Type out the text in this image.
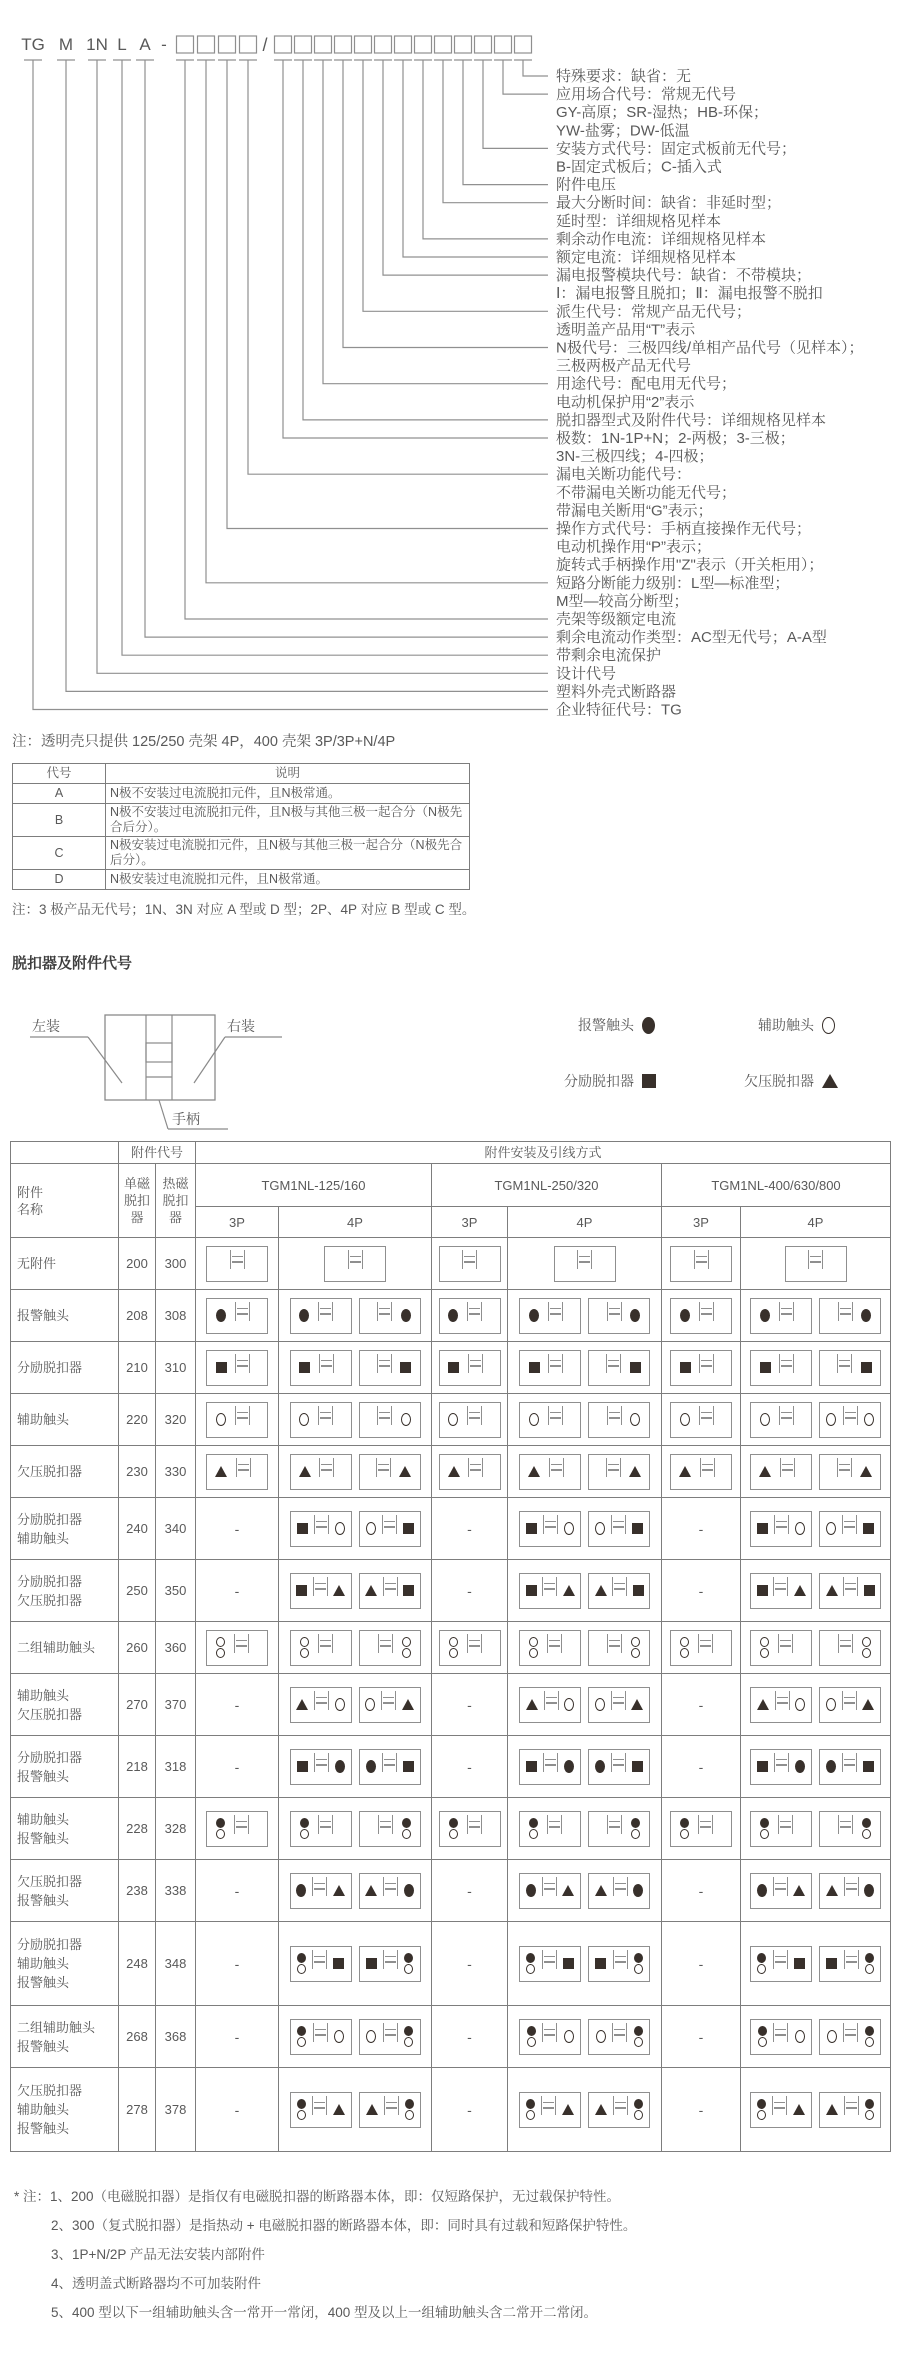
TG M 1N L A -	/
特殊要求：缺省：无
应用场合代号：常规无代号
GY-高原；SR-湿热；HB-环保；
YW-盐雾；DW-低温
安装方式代号：固定式板前无代号；
B-固定式板后；C-插入式
附件电压
最大分断时间：缺省：非延时型；
延时型：详细规格见样本
剩余动作电流：详细规格见样本
额定电流：详细规格见样本
漏电报警模块代号：缺省：不带模块；
Ⅰ：漏电报警且脱扣；Ⅱ：漏电报警不脱扣
派生代号：常规产品无代号；
透明盖产品用“T”表示
N极代号：三极四线/单相产品代号（见样本）；
三极两极产品无代号
用途代号：配电用无代号；
电动机保护用“2”表示
脱扣器型式及附件代号：详细规格见样本
极数：1N-1P+N；2-两极；3-三极；
3N-三极四线；4-四极；
漏电关断功能代号：
不带漏电关断功能无代号；
带漏电关断用“G”表示；
操作方式代号：手柄直接操作无代号；
电动机操作用“P”表示；
旋转式手柄操作用"Z"表示（开关柜用）；
短路分断能力级别：L型—标准型；
M型—较高分断型；
壳架等级额定电流
剩余电流动作类型：AC型无代号；A-A型
带剩余电流保护
设计代号
塑料外壳式断路器
企业特征代号：TG
注：透明壳只提供 125/250 壳架 4P，400 壳架 3P/3P+N/4P
代号	说明
A	N极不安装过电流脱扣元件，且N极常通。
B	N极不安装过电流脱扣元件，且N极与其他三极一起合分（N极先合后分）。
C	N极安装过电流脱扣元件，且N极与其他三极一起合分（N极先合后分）。
D	N极安装过电流脱扣元件，且N极常通。
注：3 极产品无代号；1N、3N 对应 A 型或 D 型；2P、4P 对应 B 型或 C 型。
脱扣器及附件代号
左装	右装
手柄
报警触头	辅助触头
分励脱扣器	欠压脱扣器
	附件代号		附件安装及引线方式					

附件
名称

单磁
脱扣
器

热磁
脱扣
器
	TGM1NL-125/160	TGM1NL-250/320	TGM1NL-400/630/800
			3P	4P	3P	4P	3P	4P

无附件	200	300	

报警触头	208	308	

分励脱扣器	210	310	

辅助触头	220	320	

欠压脱扣器	230	330	

分励脱扣器
辅助触头	240	340	-		-		-	

分励脱扣器
欠压脱扣器	250	350	-		-		-	

二组辅助触头	260	360	

辅助触头
欠压脱扣器	270	370	-		-		-	

分励脱扣器
报警触头	218	318	-		-		-	

辅助触头
报警触头	228	328	

欠压脱扣器
报警触头	238	338	-		-		-	

分励脱扣器
辅助触头
报警触头	248	348	-		-		-	

二组辅助触头
报警触头	268	368	-		-		-	

欠压脱扣器
辅助触头
报警触头	278	378	-		-		-	
* 注：1、200（电磁脱扣器）是指仅有电磁脱扣器的断路器本体，即：仅短路保护，无过载保护特性。
2、300（复式脱扣器）是指热动 + 电磁脱扣器的断路器本体，即：同时具有过载和短路保护特性。
3、1P+N/2P 产品无法安装内部附件
4、透明盖式断路器均不可加装附件
5、400 型以下一组辅助触头含一常开一常闭，400 型及以上一组辅助触头含二常开二常闭。
